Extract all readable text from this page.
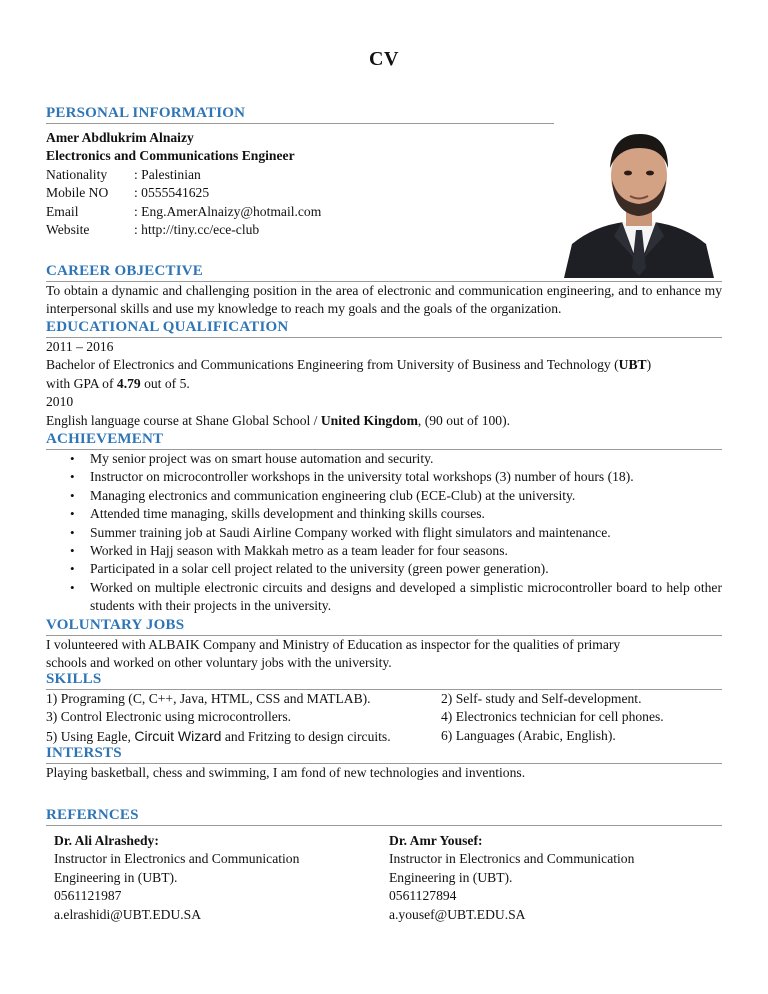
CV
PERSONAL INFORMATION
Amer Abdlukrim Alnaizy
Electronics and Communications Engineer
Nationality	: Palestinian
Mobile NO	: 0555541625
Email	: Eng.AmerAlnaizy@hotmail.com
Website	: http://tiny.cc/ece-club
CAREER OBJECTIVE
To obtain a dynamic and challenging position in the area of electronic and communication engineering, and to enhance my interpersonal skills and use my knowledge to reach my goals and the goals of the organization.
EDUCATIONAL QUALIFICATION
2011 – 2016
Bachelor of Electronics and Communications Engineering from University of Business and Technology (UBT)
with GPA of 4.79 out of 5.
2010
English language course at Shane Global School / United Kingdom, (90 out of 100).
ACHIEVEMENT
• My senior project was on smart house automation and security.
• Instructor on microcontroller workshops in the university total workshops (3) number of hours (18).
• Managing electronics and communication engineering club (ECE-Club) at the university.
• Attended time managing, skills development and thinking skills courses.
• Summer training job at Saudi Airline Company worked with flight simulators and maintenance.
• Worked in Hajj season with Makkah metro as a team leader for four seasons.
• Participated in a solar cell project related to the university (green power generation).
• Worked on multiple electronic circuits and designs and developed a simplistic microcontroller board to help other students with their projects in the university.
VOLUNTARY JOBS
I volunteered with ALBAIK Company and Ministry of Education as inspector for the qualities of primary
schools and worked on other voluntary jobs with the university.
SKILLS
1) Programing (C, C++, Java, HTML, CSS and MATLAB).	2) Self- study and Self-development.
3) Control Electronic using microcontrollers.	4) Electronics technician for cell phones.
5) Using Eagle, Circuit Wizard and Fritzing to design circuits.	6) Languages (Arabic, English).
INTERSTS
Playing basketball, chess and swimming, I am fond of new technologies and inventions.
REFERNCES
Dr. Ali Alrashedy:
Instructor in Electronics and Communication
Engineering in (UBT).
0561121987
a.elrashidi@UBT.EDU.SA
Dr. Amr Yousef:
Instructor in Electronics and Communication
Engineering in (UBT).
0561127894
a.yousef@UBT.EDU.SA
